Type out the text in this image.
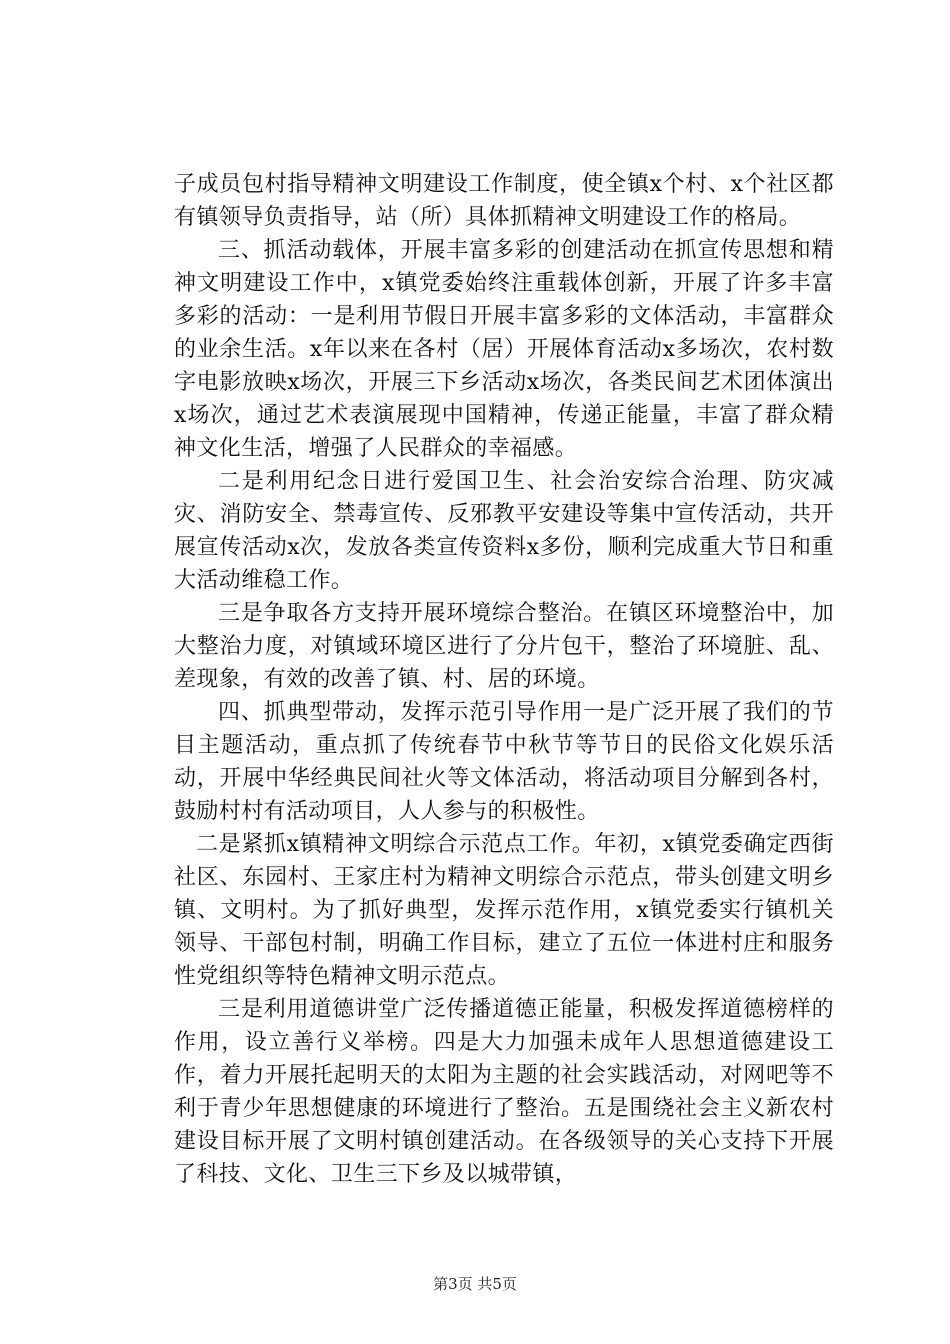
子成员包村指导精神文明建设工作制度，使全镇x个村、x个社区都有镇领导负责指导，站（所）具体抓精神文明建设工作的格局。

三、抓活动载体，开展丰富多彩的创建活动在抓宣传思想和精神文明建设工作中，x镇党委始终注重载体创新，开展了许多丰富多彩的活动：一是利用节假日开展丰富多彩的文体活动，丰富群众的业余生活。x年以来在各村（居）开展体育活动x多场次，农村数字电影放映x场次，开展三下乡活动x场次，各类民间艺术团体演出x场次，通过艺术表演展现中国精神，传递正能量，丰富了群众精神文化生活，增强了人民群众的幸福感。

二是利用纪念日进行爱国卫生、社会治安综合治理、防灾减灾、消防安全、禁毒宣传、反邪教平安建设等集中宣传活动，共开展宣传活动x次，发放各类宣传资料x多份，顺利完成重大节日和重大活动维稳工作。

三是争取各方支持开展环境综合整治。在镇区环境整治中，加大整治力度，对镇域环境区进行了分片包干，整治了环境脏、乱、差现象，有效的改善了镇、村、居的环境。

四、抓典型带动，发挥示范引导作用一是广泛开展了我们的节目主题活动，重点抓了传统春节中秋节等节日的民俗文化娱乐活动，开展中华经典民间社火等文体活动，将活动项目分解到各村，鼓励村村有活动项目，人人参与的积极性。

二是紧抓x镇精神文明综合示范点工作。年初，x镇党委确定西街社区、东园村、王家庄村为精神文明综合示范点，带头创建文明乡镇、文明村。为了抓好典型，发挥示范作用，x镇党委实行镇机关领导、干部包村制，明确工作目标，建立了五位一体进村庄和服务性党组织等特色精神文明示范点。

三是利用道德讲堂广泛传播道德正能量，积极发挥道德榜样的作用，设立善行义举榜。四是大力加强未成年人思想道德建设工作，着力开展托起明天的太阳为主题的社会实践活动，对网吧等不利于青少年思想健康的环境进行了整治。五是围绕社会主义新农村建设目标开展了文明村镇创建活动。在各级领导的关心支持下开展了科技、文化、卫生三下乡及以城带镇，

第3页 共5页
